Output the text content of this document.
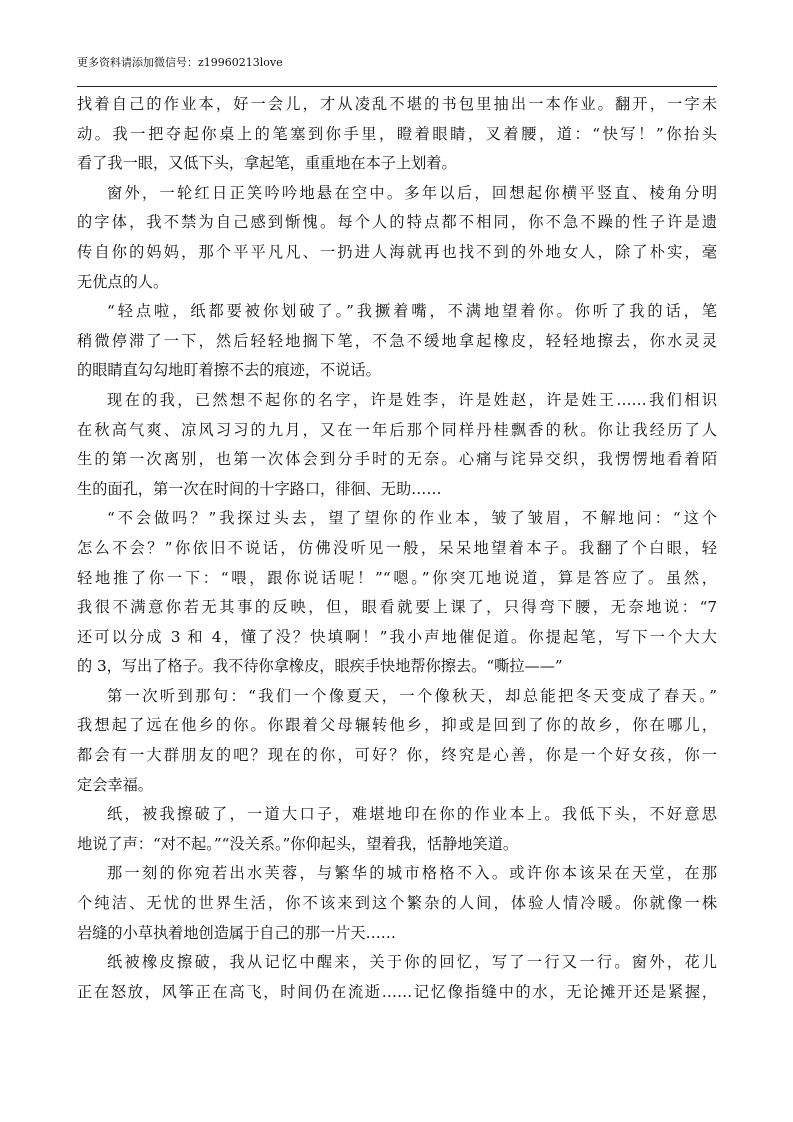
更多资料请添加微信号：z19960213love
找着自己的作业本，好一会儿，才从凌乱不堪的书包里抽出一本作业。翻开，一字未
动。我一把夺起你桌上的笔塞到你手里，瞪着眼睛，叉着腰，道：“快写！”你抬头
看了我一眼，又低下头，拿起笔，重重地在本子上划着。
窗外，一轮红日正笑吟吟地悬在空中。多年以后，回想起你横平竖直、棱角分明
的字体，我不禁为自己感到惭愧。每个人的特点都不相同，你不急不躁的性子许是遗
传自你的妈妈，那个平平凡凡、一扔进人海就再也找不到的外地女人，除了朴实，毫
无优点的人。
“轻点啦，纸都要被你划破了。”我撅着嘴，不满地望着你。你听了我的话，笔
稍微停滞了一下，然后轻轻地搁下笔，不急不缓地拿起橡皮，轻轻地擦去，你水灵灵
的眼睛直勾勾地盯着擦不去的痕迹，不说话。
现在的我，已然想不起你的名字，许是姓李，许是姓赵，许是姓王……我们相识
在秋高气爽、凉风习习的九月，又在一年后那个同样丹桂飘香的秋。你让我经历了人
生的第一次离别，也第一次体会到分手时的无奈。心痛与诧异交织，我愣愣地看着陌
生的面孔，第一次在时间的十字路口，徘徊、无助……
“不会做吗？”我探过头去，望了望你的作业本，皱了皱眉，不解地问：“这个
怎么不会？”你依旧不说话，仿佛没听见一般，呆呆地望着本子。我翻了个白眼，轻
轻地推了你一下：“喂，跟你说话呢！”“嗯。”你突兀地说道，算是答应了。虽然，
我很不满意你若无其事的反映，但，眼看就要上课了，只得弯下腰，无奈地说：“7
还可以分成 3 和 4，懂了没？快填啊！”我小声地催促道。你提起笔，写下一个大大
的 3，写出了格子。我不待你拿橡皮，眼疾手快地帮你擦去。“嘶拉——”
第一次听到那句：“我们一个像夏天，一个像秋天，却总能把冬天变成了春天。”
我想起了远在他乡的你。你跟着父母辗转他乡，抑或是回到了你的故乡，你在哪儿，
都会有一大群朋友的吧？现在的你，可好？你，终究是心善，你是一个好女孩，你一
定会幸福。
纸，被我擦破了，一道大口子，难堪地印在你的作业本上。我低下头，不好意思
地说了声：“对不起。”“没关系。”你仰起头，望着我，恬静地笑道。
那一刻的你宛若出水芙蓉，与繁华的城市格格不入。或许你本该呆在天堂，在那
个纯洁、无忧的世界生活，你不该来到这个繁杂的人间，体验人情冷暖。你就像一株
岩缝的小草执着地创造属于自己的那一片天……
纸被橡皮擦破，我从记忆中醒来，关于你的回忆，写了一行又一行。窗外，花儿
正在怒放，风筝正在高飞，时间仍在流逝……记忆像指缝中的水，无论摊开还是紧握，
